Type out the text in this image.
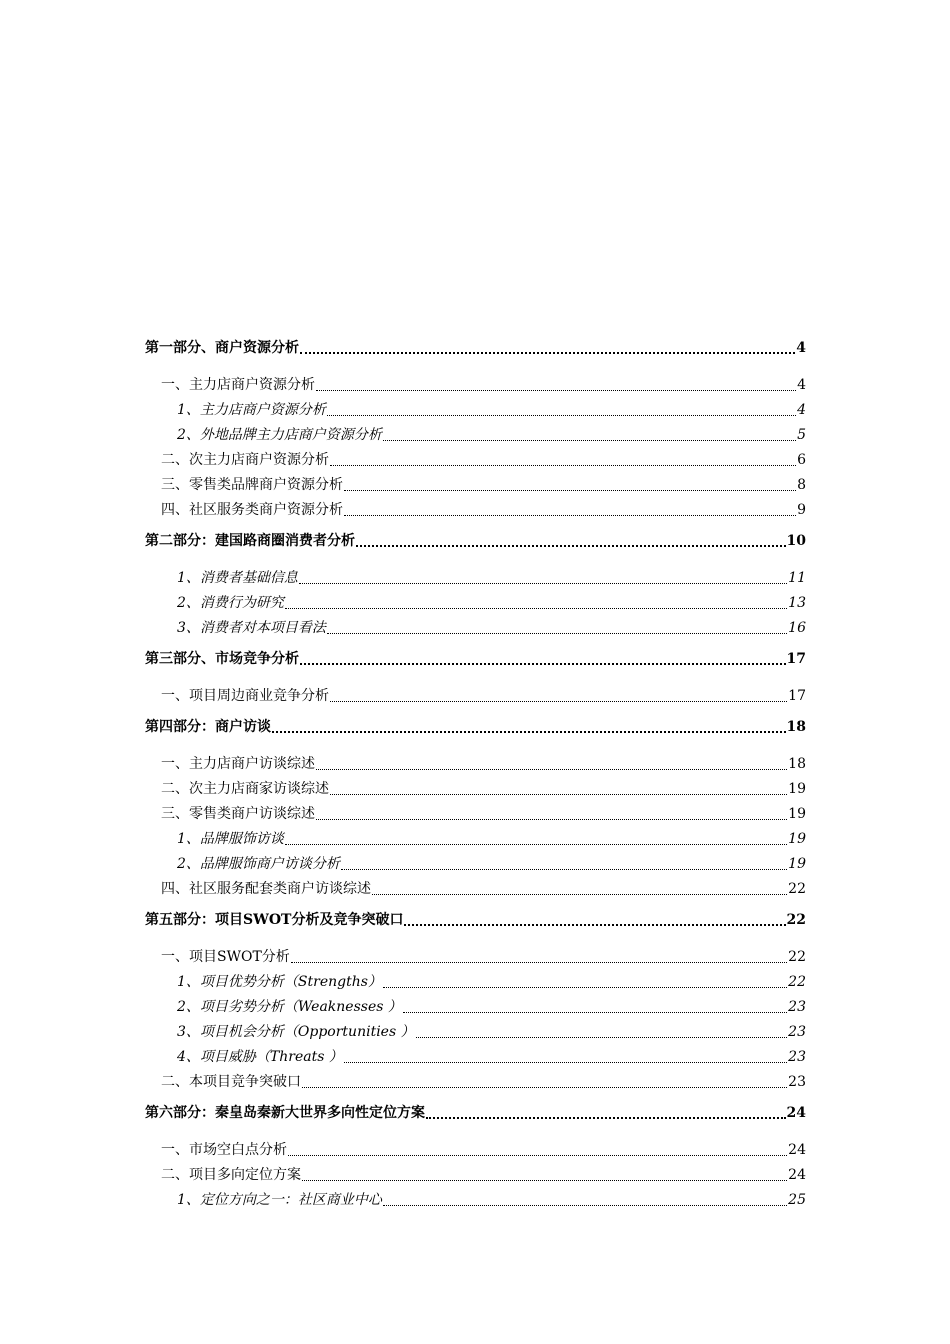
第一部分、商户资源分析	4
一、主力店商户资源分析	4
1、主力店商户资源分析	4
2、外地品牌主力店商户资源分析	5
二、次主力店商户资源分析	6
三、零售类品牌商户资源分析	8
四、社区服务类商户资源分析	9
第二部分：建国路商圈消费者分析	10
1、消费者基础信息	11
2、消费行为研究	13
3、消费者对本项目看法	16
第三部分、市场竞争分析	17
一、项目周边商业竞争分析	17
第四部分：商户访谈	18
一、主力店商户访谈综述	18
二、次主力店商家访谈综述	19
三、零售类商户访谈综述	19
1、品牌服饰访谈	19
2、品牌服饰商户访谈分析	19
四、社区服务配套类商户访谈综述	22
第五部分：项目SWOT分析及竞争突破口	22
一、项目SWOT分析	22
1、项目优势分析（Strengths）	22
2、项目劣势分析（Weaknesses ）	23
3、项目机会分析（Opportunities ）	23
4、项目威胁（Threats ）	23
二、本项目竞争突破口	23
第六部分：秦皇岛秦新大世界多向性定位方案	24
一、市场空白点分析	24
二、项目多向定位方案	24
1、定位方向之一：社区商业中心	25
